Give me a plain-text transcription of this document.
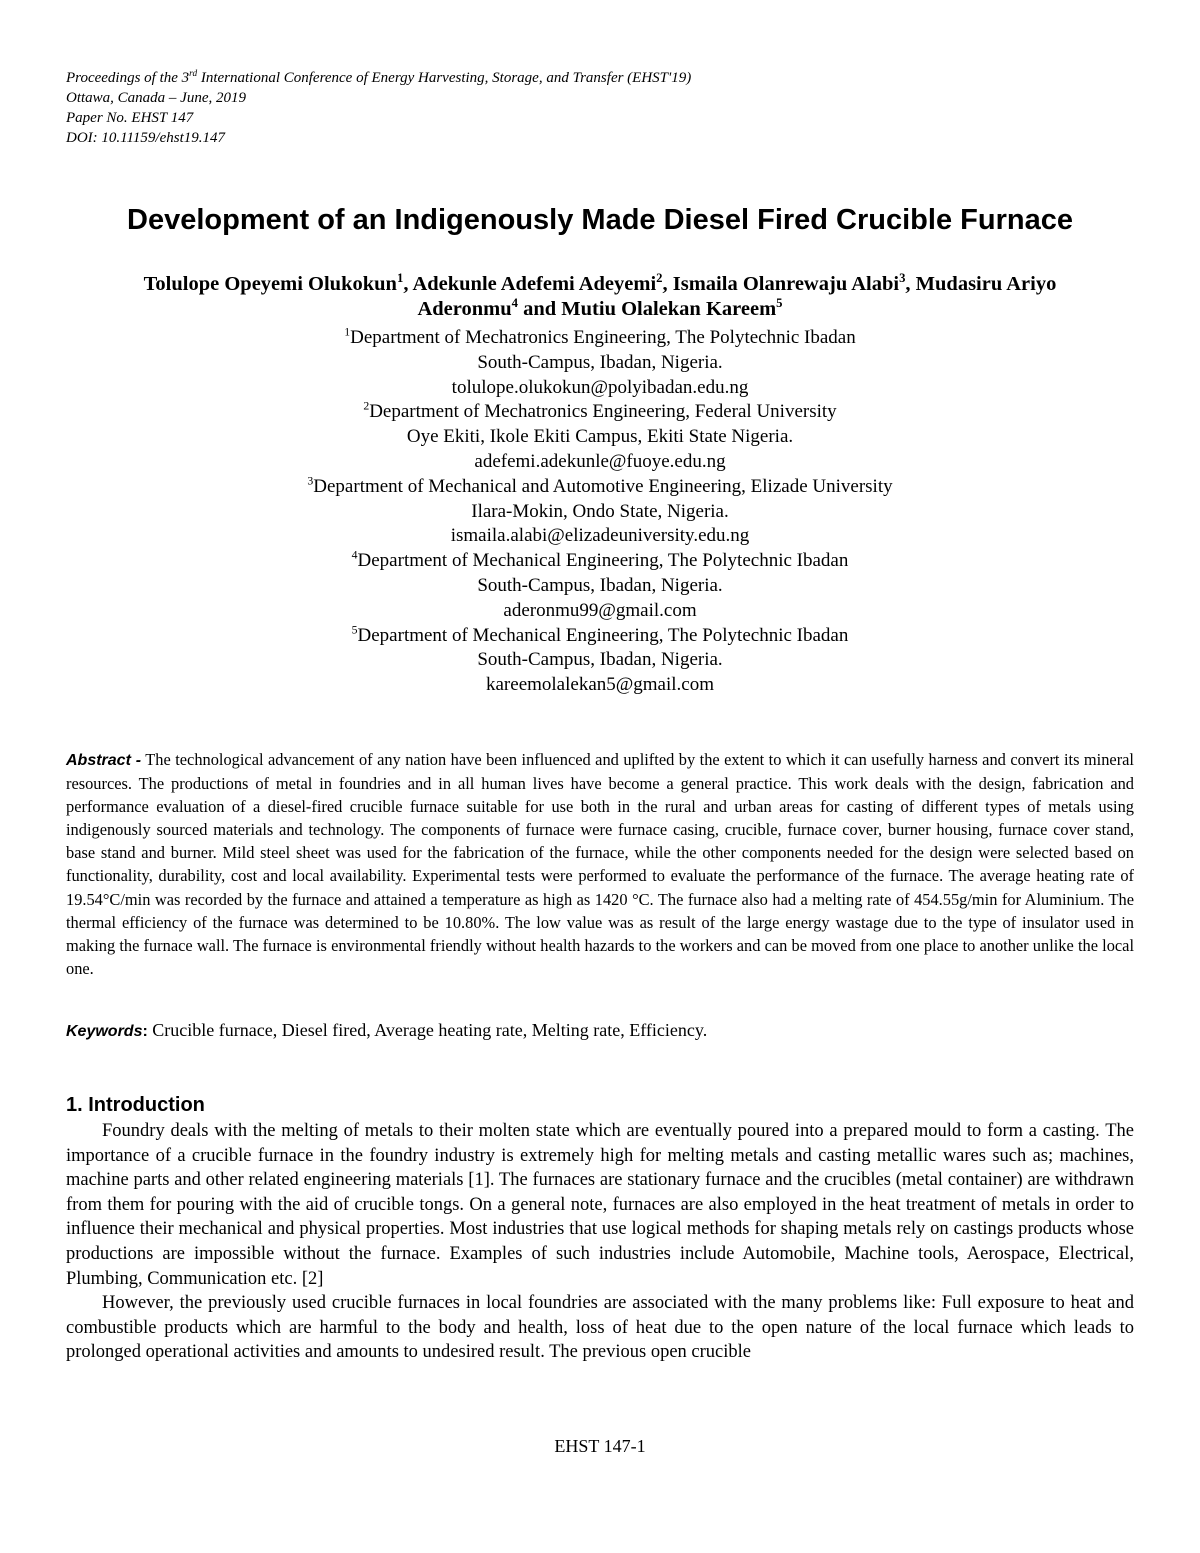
Proceedings of the 3rd International Conference of Energy Harvesting, Storage, and Transfer (EHST'19)
Ottawa, Canada – June, 2019
Paper No. EHST 147
DOI: 10.11159/ehst19.147
Development of an Indigenously Made Diesel Fired Crucible Furnace
Tolulope Opeyemi Olukokun$^1$, Adekunle Adefemi Adeyemi$^2$, Ismaila Olanrewaju Alabi$^3$, Mudasiru Ariyo
Aderonmu$^4$ and Mutiu Olalekan Kareem$^5$
$^1$Department of Mechatronics Engineering, The Polytechnic Ibadan
South-Campus, Ibadan, Nigeria.
tolulope.olukokun@polyibadan.edu.ng
$^2$Department of Mechatronics Engineering, Federal University
Oye Ekiti, Ikole Ekiti Campus, Ekiti State Nigeria.
adefemi.adekunle@fuoye.edu.ng
$^3$Department of Mechanical and Automotive Engineering, Elizade University
Ilara-Mokin, Ondo State, Nigeria.
ismaila.alabi@elizadeuniversity.edu.ng
$^4$Department of Mechanical Engineering, The Polytechnic Ibadan
South-Campus, Ibadan, Nigeria.
aderonmu99@gmail.com
$^5$Department of Mechanical Engineering, The Polytechnic Ibadan
South-Campus, Ibadan, Nigeria.
kareemolalekan5@gmail.com
Abstract - The technological advancement of any nation have been influenced and uplifted by the extent to which it can usefully harness and convert its mineral resources. The productions of metal in foundries and in all human lives have become a general practice. This work deals with the design, fabrication and performance evaluation of a diesel-fired crucible furnace suitable for use both in the rural and urban areas for casting of different types of metals using indigenously sourced materials and technology. The components of furnace were furnace casing, crucible, furnace cover, burner housing, furnace cover stand, base stand and burner. Mild steel sheet was used for the fabrication of the furnace, while the other components needed for the design were selected based on functionality, durability, cost and local availability. Experimental tests were performed to evaluate the performance of the furnace. The average heating rate of 19.54°C/min was recorded by the furnace and attained a temperature as high as 1420 °C. The furnace also had a melting rate of 454.55g/min for Aluminium. The thermal efficiency of the furnace was determined to be 10.80%. The low value was as result of the large energy wastage due to the type of insulator used in making the furnace wall. The furnace is environmental friendly without health hazards to the workers and can be moved from one place to another unlike the local one.
Keywords: Crucible furnace, Diesel fired, Average heating rate, Melting rate, Efficiency.
1. Introduction

Foundry deals with the melting of metals to their molten state which are eventually poured into a prepared mould to form a casting. The importance of a crucible furnace in the foundry industry is extremely high for melting metals and casting metallic wares such as; machines, machine parts and other related engineering materials [1]. The furnaces are stationary furnace and the crucibles (metal container) are withdrawn from them for pouring with the aid of crucible tongs. On a general note, furnaces are also employed in the heat treatment of metals in order to influence their mechanical and physical properties. Most industries that use logical methods for shaping metals rely on castings products whose productions are impossible without the furnace. Examples of such industries include Automobile, Machine tools, Aerospace, Electrical, Plumbing, Communication etc. [2]

However, the previously used crucible furnaces in local foundries are associated with the many problems like: Full exposure to heat and combustible products which are harmful to the body and health, loss of heat due to the open nature of the local furnace which leads to prolonged operational activities and amounts to undesired result. The previous open crucible

EHST 147-1
